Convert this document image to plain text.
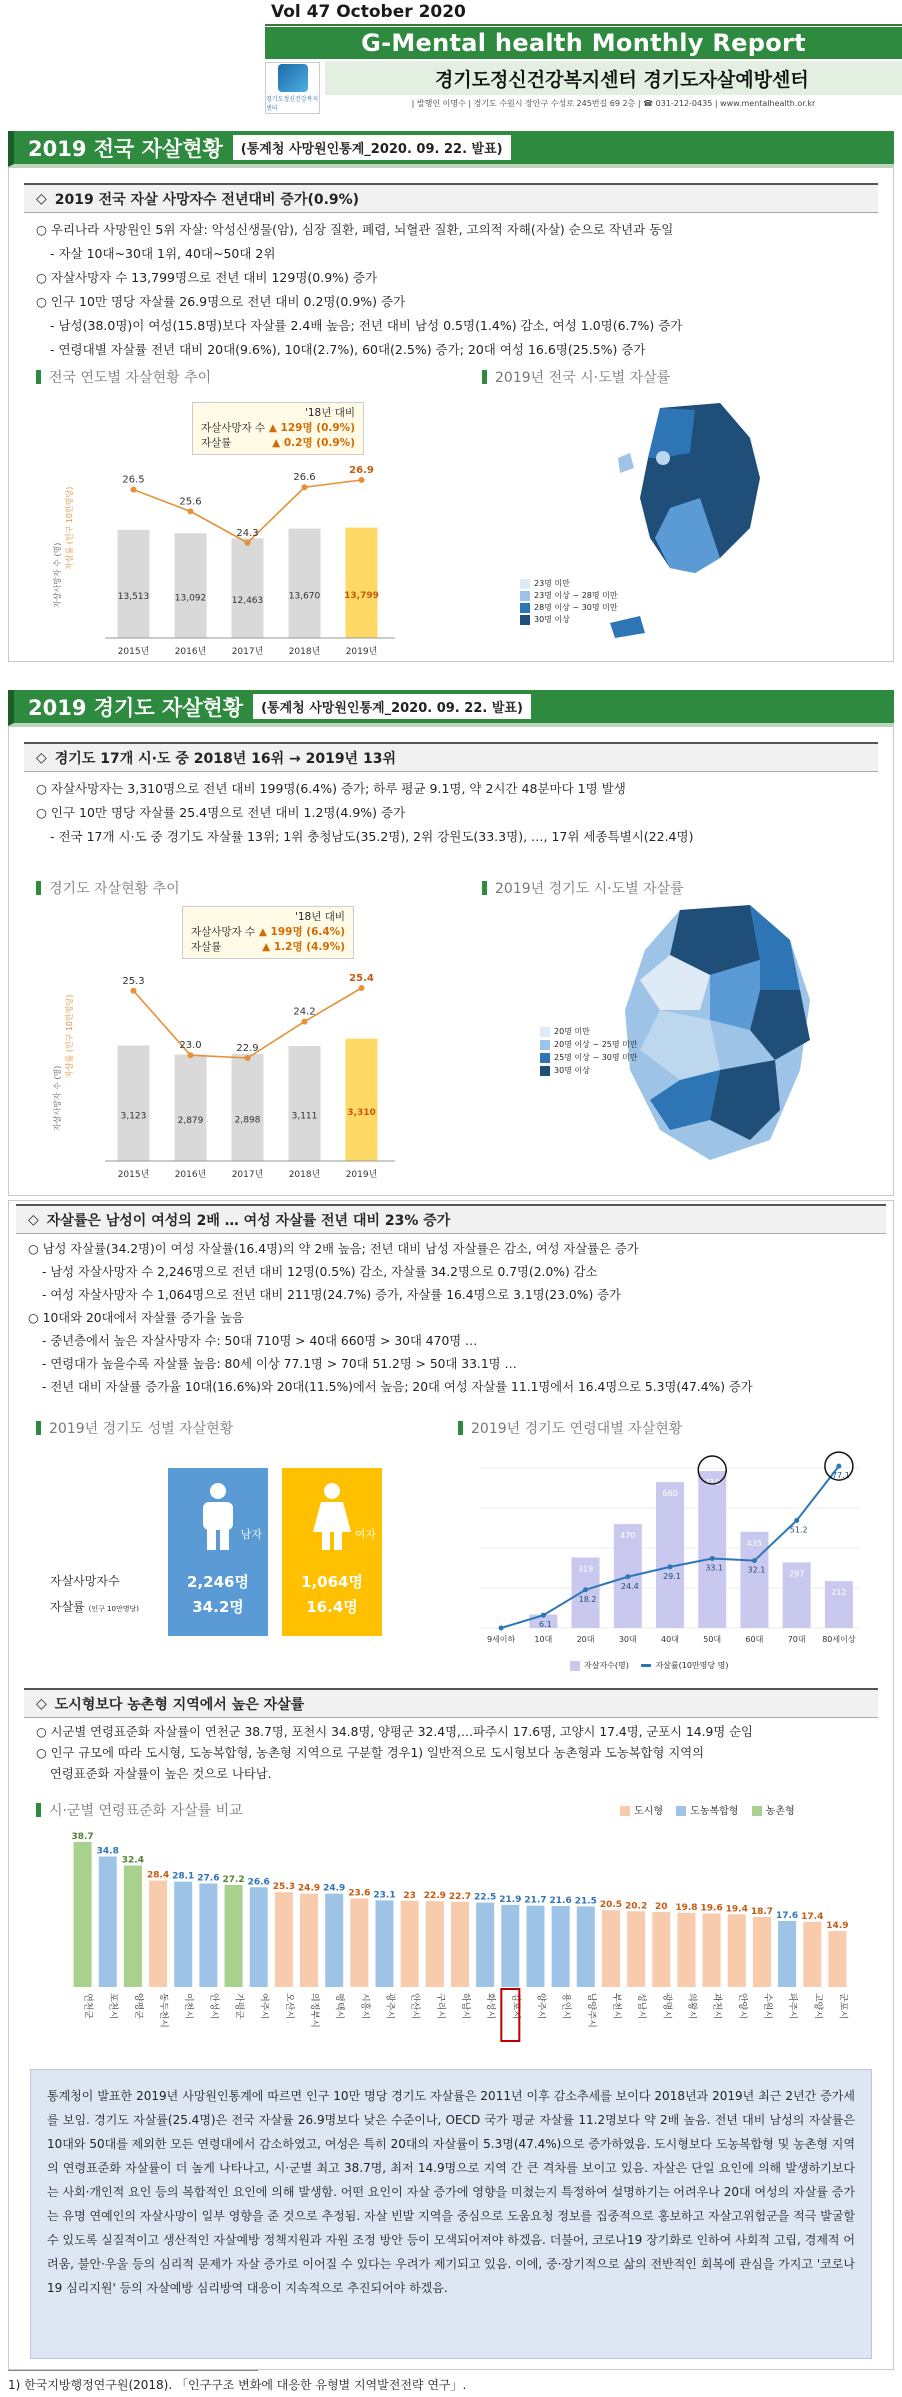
Vol 47 October 2020
G-Mental health Monthly Report
경기도정신건강복지센터
경기도정신건강복지센터 경기도자살예방센터
| 발행인 이명수 | 경기도 수원시 장안구 수성로 245번길 69 2층 | ☎ 031-212-0435 | www.mentalhealth.or.kr
2019 전국 자살현황	(통계청 사망원인통계_2020. 09. 22. 발표)
◇ 2019 전국 자살 사망자수 전년대비 증가(0.9%)
○ 우리나라 사망원인 5위 자살: 악성신생물(암), 심장 질환, 폐렴, 뇌혈관 질환, 고의적 자해(자살) 순으로 작년과 동일
- 자살 10대~30대 1위, 40대~50대 2위
○ 자살사망자 수 13,799명으로 전년 대비 129명(0.9%) 증가
○ 인구 10만 명당 자살률 26.9명으로 전년 대비 0.2명(0.9%) 증가
- 남성(38.0명)이 여성(15.8명)보다 자살률 2.4배 높음; 전년 대비 남성 0.5명(1.4%) 감소, 여성 1.0명(6.7%) 증가
- 연령대별 자살률 전년 대비 20대(9.6%), 10대(2.7%), 60대(2.5%) 증가; 20대 여성 16.6명(25.5%) 증가
전국 연도별 자살현황 추이	2019년 전국 시·도별 자살률
'18년 대비
자살사망자 수 ▲ 129명 (0.9%)
자살률	▲ 0.2명 (0.9%)
자살사망자 수 (명)
자살률 (인구 10만명당)
13,513
2015년
13,092
2016년
12,463
2017년
13,670
2018년
13,799
2019년
26.5
25.6
24.3
26.6
26.9
23명 미만
23명 이상 ~ 28명 미만
28명 이상 ~ 30명 미만
30명 이상
2019 경기도 자살현황	(통계청 사망원인통계_2020. 09. 22. 발표)
◇ 경기도 17개 시·도 중 2018년 16위 → 2019년 13위
○ 자살사망자는 3,310명으로 전년 대비 199명(6.4%) 증가; 하루 평균 9.1명, 약 2시간 48분마다 1명 발생
○ 인구 10만 명당 자살률 25.4명으로 전년 대비 1.2명(4.9%) 증가
- 전국 17개 시·도 중 경기도 자살률 13위; 1위 충청남도(35.2명), 2위 강원도(33.3명), …, 17위 세종특별시(22.4명)
경기도 자살현황 추이	2019년 경기도 시·도별 자살률
'18년 대비
자살사망자 수 ▲ 199명 (6.4%)
자살률	▲ 1.2명 (4.9%)
자살사망자 수 (명)
자살률 (인구 10만명당)
3,123
2015년
2,879
2016년
2,898
2017년
3,111
2018년
3,310
2019년
25.3
23.0	22.9
24.2
25.4
20명 미만
20명 이상 ~ 25명 미만
25명 이상 ~ 30명 미만
30명 이상
◇ 자살률은 남성이 여성의 2배 … 여성 자살률 전년 대비 23% 증가
○ 남성 자살률(34.2명)이 여성 자살률(16.4명)의 약 2배 높음; 전년 대비 남성 자살률은 감소, 여성 자살률은 증가
- 남성 자살사망자 수 2,246명으로 전년 대비 12명(0.5%) 감소, 자살률 34.2명으로 0.7명(2.0%) 감소
- 여성 자살사망자 수 1,064명으로 전년 대비 211명(24.7%) 증가, 자살률 16.4명으로 3.1명(23.0%) 증가
○ 10대와 20대에서 자살률 증가율 높음
- 중년층에서 높은 자살사망자 수: 50대 710명 > 40대 660명 > 30대 470명 …
- 연령대가 높을수록 자살률 높음: 80세 이상 77.1명 > 70대 51.2명 > 50대 33.1명 …
- 전년 대비 자살률 증가율 10대(16.6%)와 20대(11.5%)에서 높음; 20대 여성 자살률 11.1명에서 16.4명으로 5.3명(47.4%) 증가
2019년 경기도 성별 자살현황	2019년 경기도 연령대별 자살현황
자살사망자수
자살률 (인구 10만명당)
남자
2,246명
34.2명
여자
1,064명
16.4명
9세이하 10대
319
20대
470
30대
660
40대
710
50대
435
60대
297
70대
212
80세이상
6.1
18.2
24.4
29.1
33.1	32.1
51.2
77.1
자살자수(명)	자살률(10만명당 명)
◇ 도시형보다 농촌형 지역에서 높은 자살률
○ 시군별 연령표준화 자살률이 연천군 38.7명, 포천시 34.8명, 양평군 32.4명,…파주시 17.6명, 고양시 17.4명, 군포시 14.9명 순임
○ 인구 규모에 따라 도시형, 도농복합형, 농촌형 지역으로 구분할 경우1) 일반적으로 도시형보다 농촌형과 도농복합형 지역의
연령표준화 자살률이 높은 것으로 나타남.
시·군별 연령표준화 자살률 비교	도시형	도농복합형	농촌형
38.7
연천군
34.8
포천시
32.4
양평군
28.4
동두천시
28.1
이천시
27.6
안성시
27.2
가평군
26.6
여주시
25.3
오산시
24.9
의정부시
24.9
평택시
23.6
시흥시
23.1
광주시
23
안산시
22.9
구리시
22.7
하남시
22.5
화성시
21.9
김포시
21.7
양주시
21.6
용인시
21.5
남양주시
20.5
부천시
20.2
성남시
20
광명시
19.8
의왕시
19.6
과천시
19.4
안양시
18.7
수원시
17.6
파주시
17.4
고양시
14.9
군포시
통계청이 발표한 2019년 사망원인통계에 따르면 인구 10만 명당 경기도 자살률은 2011년 이후 감소추세를 보이다 2018년과 2019년 최근 2년간 증가세를 보임. 경기도 자살률(25.4명)은 전국 자살률 26.9명보다 낮은 수준이나, OECD 국가 평균 자살률 11.2명보다 약 2배 높음. 전년 대비 남성의 자살률은 10대와 50대를 제외한 모든 연령대에서 감소하였고, 여성은 특히 20대의 자살률이 5.3명(47.4%)으로 증가하였음. 도시형보다 도농복합형 및 농촌형 지역의 연령표준화 자살률이 더 높게 나타나고, 시·군별 최고 38.7명, 최저 14.9명으로 지역 간 큰 격차를 보이고 있음. 자살은 단일 요인에 의해 발생하기보다는 사회·개인적 요인 등의 복합적인 요인에 의해 발생함. 어떤 요인이 자살 증가에 영향을 미쳤는지 특정하여 설명하기는 어려우나 20대 여성의 자살률 증가는 유명 연예인의 자살사망이 일부 영향을 준 것으로 추정됨. 자살 빈발 지역을 중심으로 도움요청 정보를 집중적으로 홍보하고 자살고위험군을 적극 발굴할 수 있도록 실질적이고 생산적인 자살예방 정책지원과 자원 조정 방안 등이 모색되어져야 하겠음. 더불어, 코로나19 장기화로 인하여 사회적 고립, 경제적 어려움, 불안·우울 등의 심리적 문제가 자살 증가로 이어질 수 있다는 우려가 제기되고 있음. 이에, 중·장기적으로 삶의 전반적인 회복에 관심을 가지고 '코로나19 심리지원' 등의 자살예방 심리방역 대응이 지속적으로 추진되어야 하겠음.
1) 한국지방행정연구원(2018). 「인구구조 변화에 대응한 유형별 지역발전전략 연구」.
